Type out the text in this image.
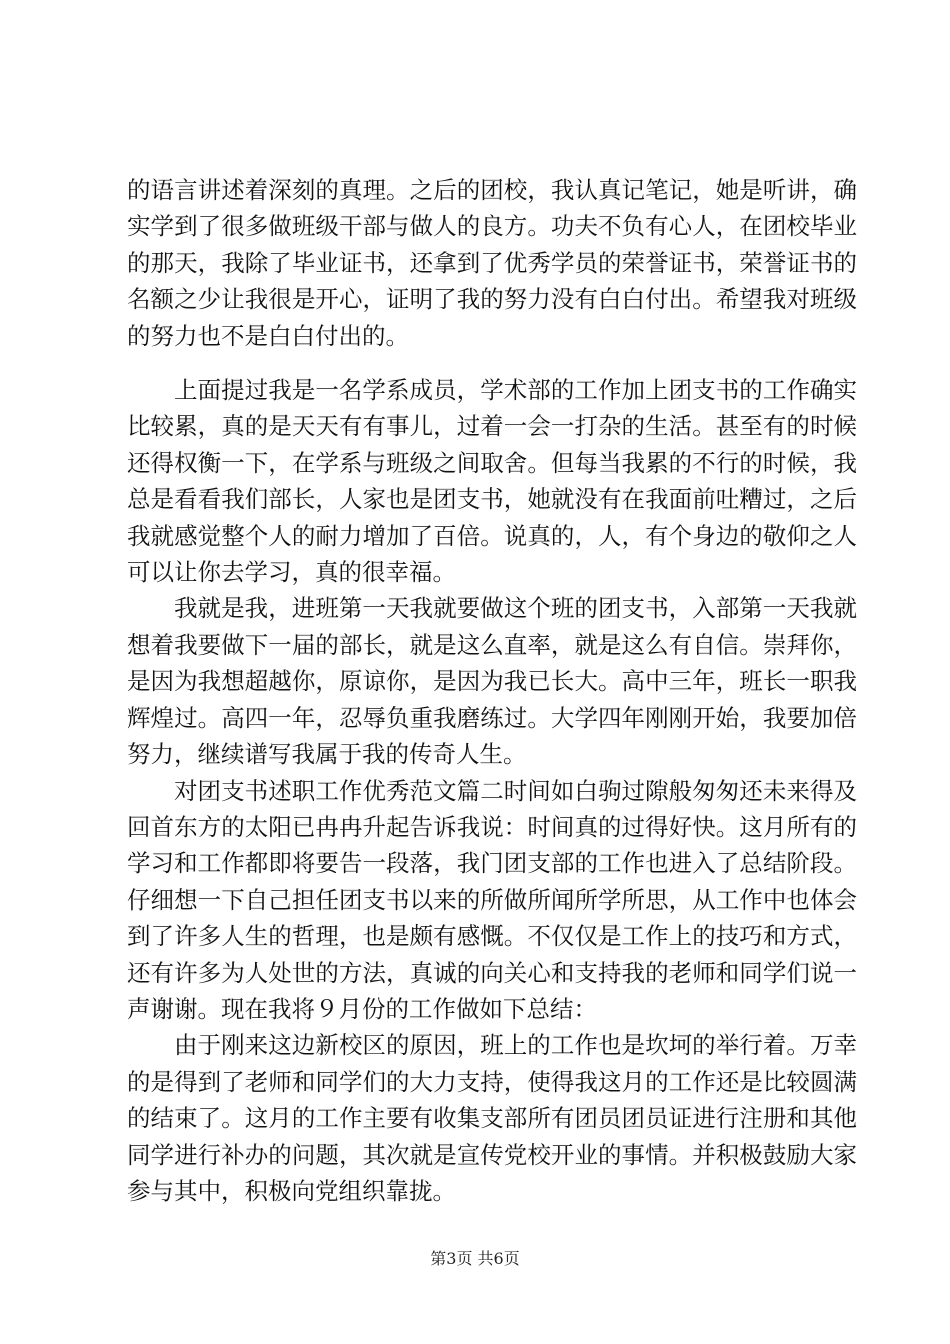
的语言讲述着深刻的真理。之后的团校，我认真记笔记，她是听讲，确实学到了很多做班级干部与做人的良方。功夫不负有心人，在团校毕业的那天，我除了毕业证书，还拿到了优秀学员的荣誉证书，荣誉证书的名额之少让我很是开心，证明了我的努力没有白白付出。希望我对班级的努力也不是白白付出的。

上面提过我是一名学系成员，学术部的工作加上团支书的工作确实比较累，真的是天天有有事儿，过着一会一打杂的生活。甚至有的时候还得权衡一下，在学系与班级之间取舍。但每当我累的不行的时候，我总是看看我们部长，人家也是团支书，她就没有在我面前吐糟过，之后我就感觉整个人的耐力增加了百倍。说真的，人，有个身边的敬仰之人可以让你去学习，真的很幸福。

我就是我，进班第一天我就要做这个班的团支书，入部第一天我就想着我要做下一届的部长，就是这么直率，就是这么有自信。崇拜你，是因为我想超越你，原谅你，是因为我已长大。高中三年，班长一职我辉煌过。高四一年，忍辱负重我磨练过。大学四年刚刚开始，我要加倍努力，继续谱写我属于我的传奇人生。

对团支书述职工作优秀范文篇二时间如白驹过隙般匆匆还未来得及回首东方的太阳已冉冉升起告诉我说：时间真的过得好快。这月所有的学习和工作都即将要告一段落，我门团支部的工作也进入了总结阶段。仔细想一下自己担任团支书以来的所做所闻所学所思，从工作中也体会到了许多人生的哲理，也是颇有感慨。不仅仅是工作上的技巧和方式，还有许多为人处世的方法，真诚的向关心和支持我的老师和同学们说一声谢谢。现在我将９月份的工作做如下总结：

由于刚来这边新校区的原因，班上的工作也是坎坷的举行着。万幸的是得到了老师和同学们的大力支持，使得我这月的工作还是比较圆满的结束了。这月的工作主要有收集支部所有团员团员证进行注册和其他同学进行补办的问题，其次就是宣传党校开业的事情。并积极鼓励大家参与其中，积极向党组织靠拢。

第3页 共6页
